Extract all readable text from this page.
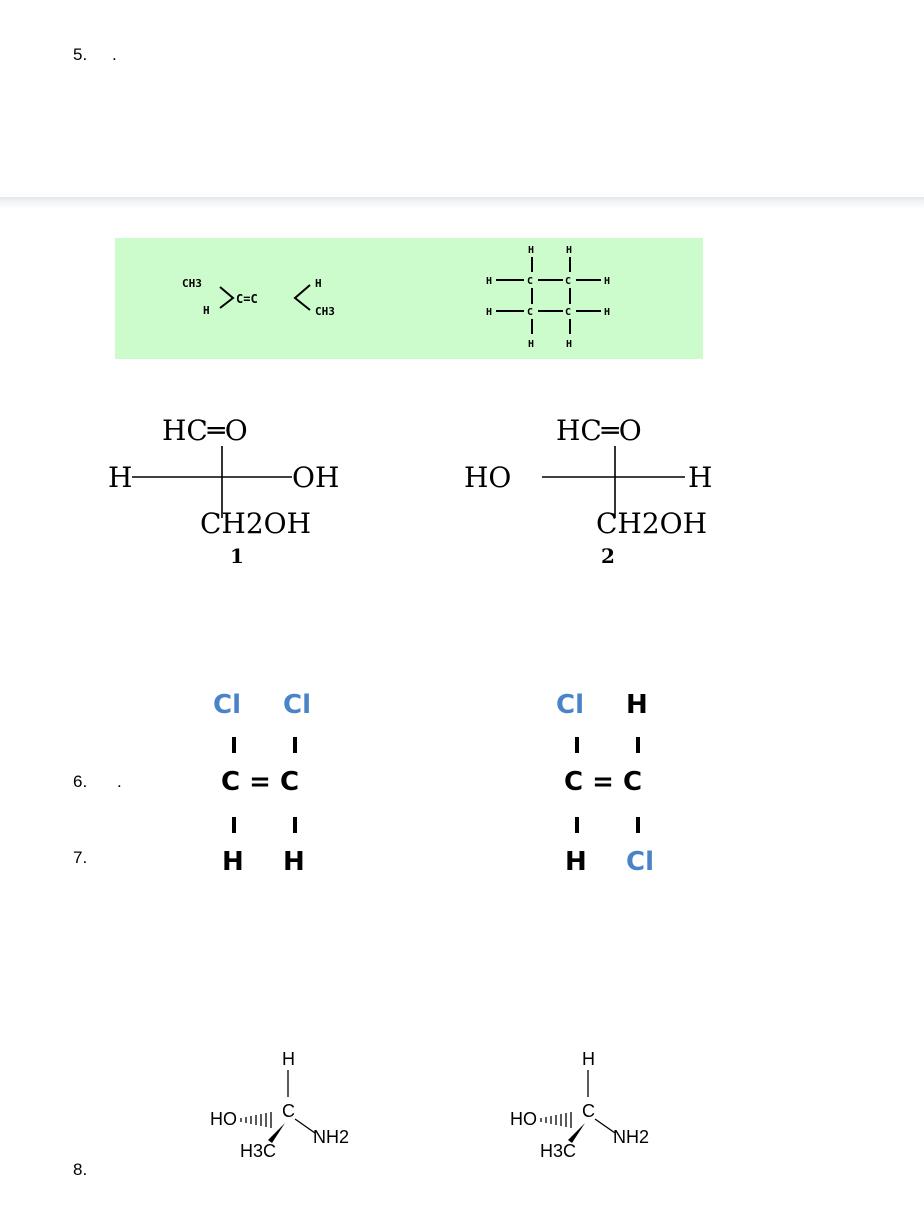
5. .
CH3
H
C=C
H
CH3
H	H
H	C	C	H
H	C	C	H
H	H
HC═O
H	OH
CH2OH
1
HC═O
HO	H
CH2OH
2
6. .
7.
Cl Cl
C = C
H H
Cl H
C = C
H Cl
8.
H
C
HO
NH2
H3C
H
C
HO
NH2
H3C
